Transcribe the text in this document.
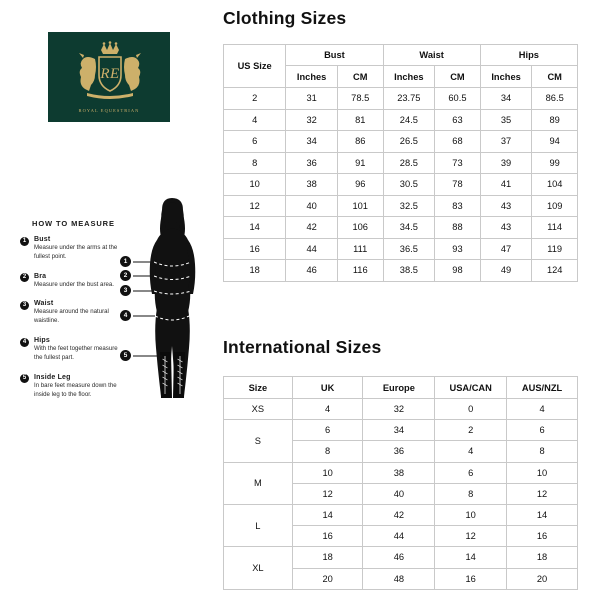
RE
ROYAL EQUESTRIAN
HOW TO MEASURE
1	Bust
Measure under the arms at the fullest point.
2	Bra
Measure under the bust area.
3	Waist
Measure around the natural waistline.
4	Hips
With the feet together measure the fullest part.
5	Inside Leg
In bare feet measure down the inside leg to the floor.
1
2
3
4
5
Clothing Sizes
US Size	Bust		Waist		Hips	
	Inches	CM	Inches	CM	Inches	CM
2	31	78.5	23.75	60.5	34	86.5
4	32	81	24.5	63	35	89
6	34	86	26.5	68	37	94
8	36	91	28.5	73	39	99
10	38	96	30.5	78	41	104
12	40	101	32.5	83	43	109
14	42	106	34.5	88	43	114
16	44	111	36.5	93	47	119
18	46	116	38.5	98	49	124
International Sizes
Size	UK	Europe	USA/CAN	AUS/NZL
XS	4	32	0	4
S	6	34	2	6
	8	36	4	8
M	10	38	6	10
	12	40	8	12
L	14	42	10	14
	16	44	12	16
XL	18	46	14	18
	20	48	16	20
